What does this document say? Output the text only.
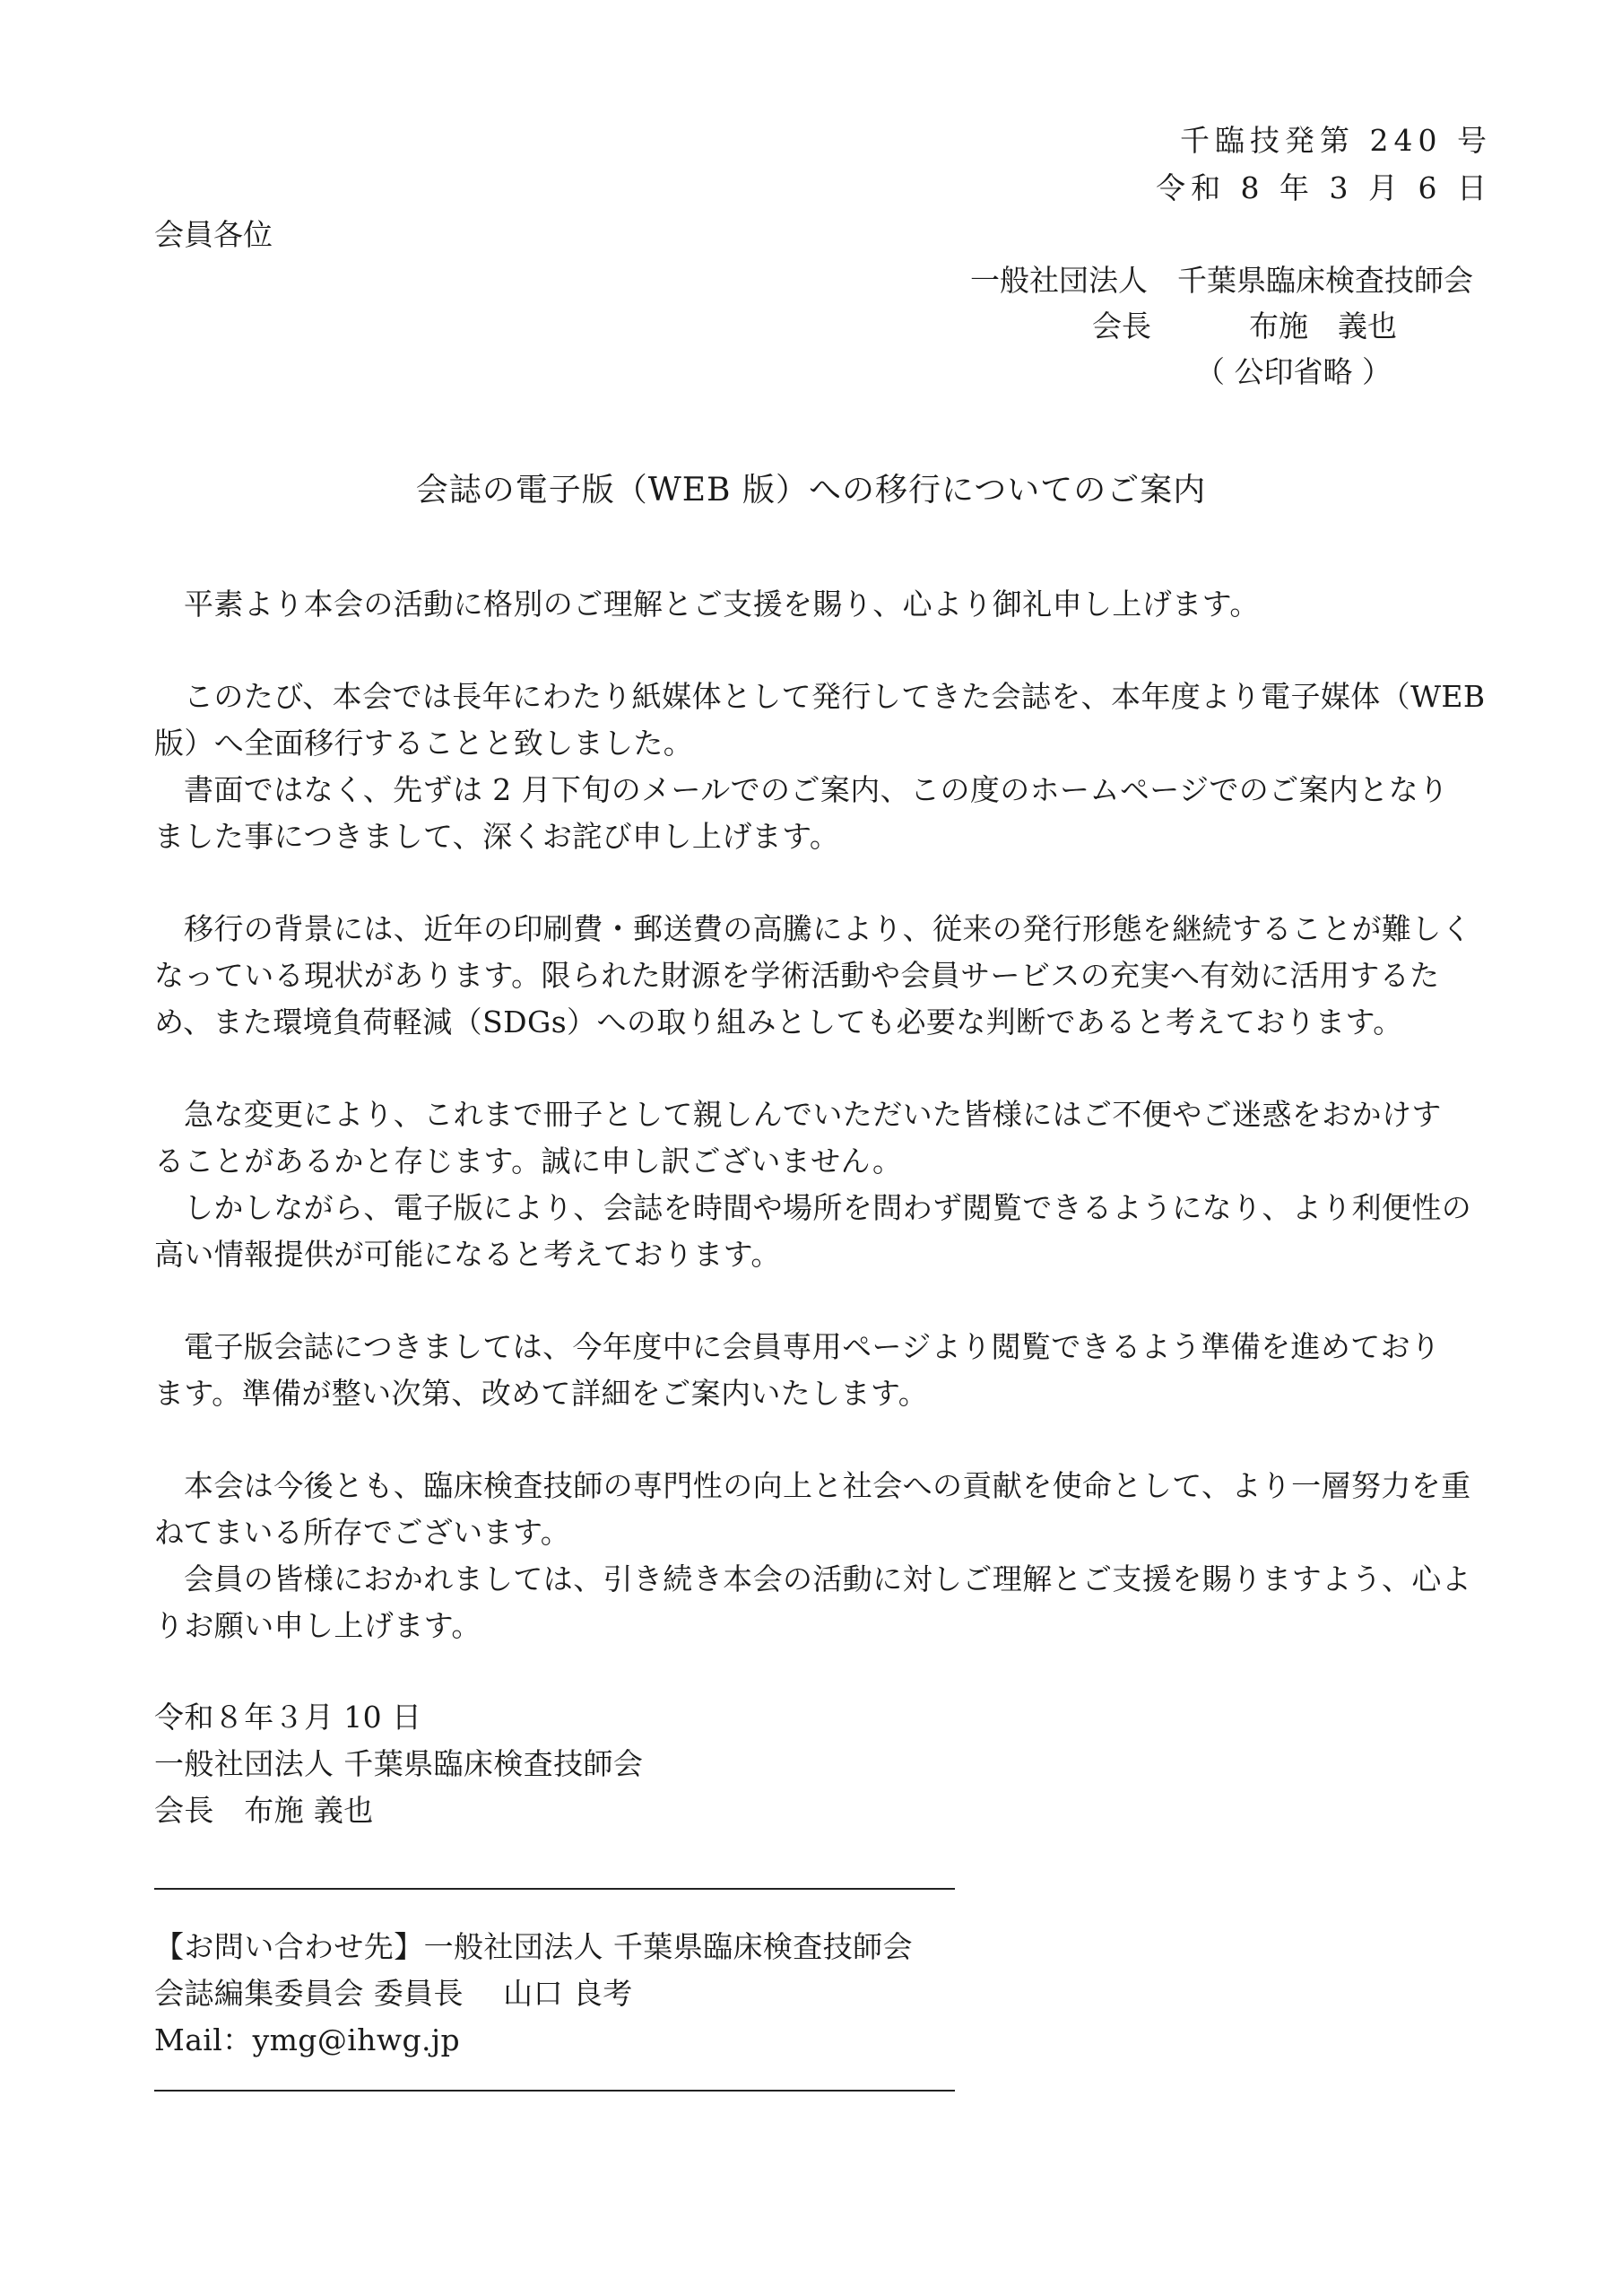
千臨技発第 240 号
令和 8 年 3 月 6 日
会員各位
一般社団法人　千葉県臨床検査技師会
会長	布施　義也
（ 公印省略 ）
会誌の電子版（WEB 版）への移行についてのご案内
平素より本会の活動に格別のご理解とご支援を賜り、心より御礼申し上げます。
このたび、本会では長年にわたり紙媒体として発行してきた会誌を、本年度より電子媒体（WEB
版）へ全面移行することと致しました。
書面ではなく、先ずは 2 月下旬のメールでのご案内、この度のホームページでのご案内となり
ました事につきまして、深くお詫び申し上げます。
移行の背景には、近年の印刷費・郵送費の高騰により、従来の発行形態を継続することが難しく
なっている現状があります。限られた財源を学術活動や会員サービスの充実へ有効に活用するた
め、また環境負荷軽減（SDGs）への取り組みとしても必要な判断であると考えております。
急な変更により、これまで冊子として親しんでいただいた皆様にはご不便やご迷惑をおかけす
ることがあるかと存じます。誠に申し訳ございません。
しかしながら、電子版により、会誌を時間や場所を問わず閲覧できるようになり、より利便性の
高い情報提供が可能になると考えております。
電子版会誌につきましては、今年度中に会員専用ページより閲覧できるよう準備を進めており
ます。準備が整い次第、改めて詳細をご案内いたします。
本会は今後とも、臨床検査技師の専門性の向上と社会への貢献を使命として、より一層努力を重
ねてまいる所存でございます。
会員の皆様におかれましては、引き続き本会の活動に対しご理解とご支援を賜りますよう、心よ
りお願い申し上げます。
令和８年３月 10 日
一般社団法人 千葉県臨床検査技師会
会長　布施 義也
【お問い合わせ先】一般社団法人 千葉県臨床検査技師会
会誌編集委員会 委員長　 山口 良考
Mail：ymg@ihwg.jp
